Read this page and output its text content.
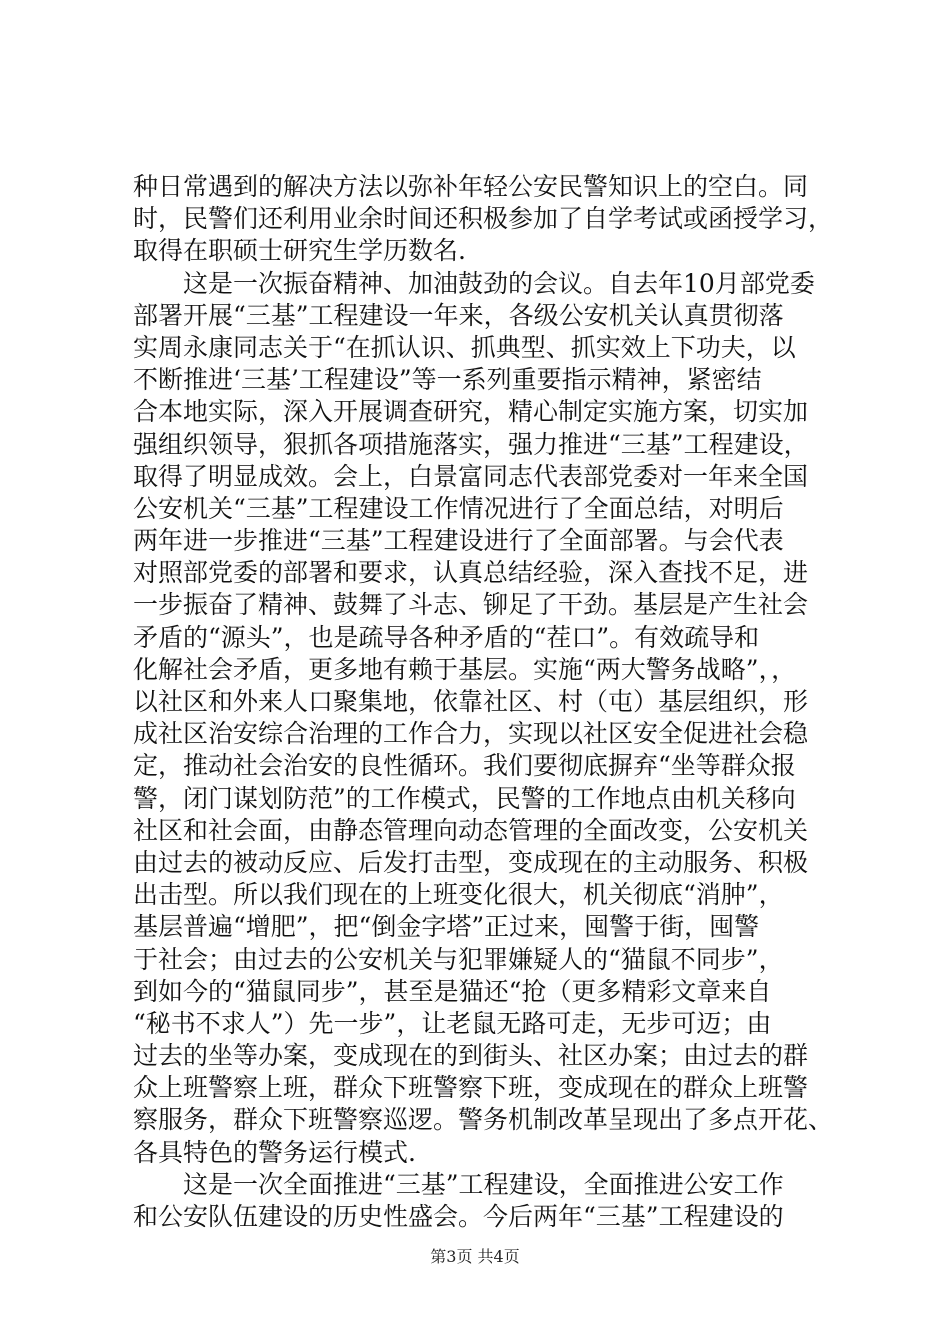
种日常遇到的解决方法以弥补年轻公安民警知识上的空白。同
时，民警们还利用业余时间还积极参加了自学考试或函授学习，
取得在职硕士研究生学历数名.
这是一次振奋精神、加油鼓劲的会议。自去年10月部党委
部署开展“三基”工程建设一年来，各级公安机关认真贯彻落
实周永康同志关于“在抓认识、抓典型、抓实效上下功夫，以
不断推进‘三基’工程建设”等一系列重要指示精神，紧密结
合本地实际，深入开展调查研究，精心制定实施方案，切实加
强组织领导，狠抓各项措施落实，强力推进“三基”工程建设，
取得了明显成效。会上，白景富同志代表部党委对一年来全国
公安机关“三基”工程建设工作情况进行了全面总结，对明后
两年进一步推进“三基”工程建设进行了全面部署。与会代表
对照部党委的部署和要求，认真总结经验，深入查找不足，进
一步振奋了精神、鼓舞了斗志、铆足了干劲。基层是产生社会
矛盾的“源头”，也是疏导各种矛盾的“茬口”。有效疏导和
化解社会矛盾，更多地有赖于基层。实施“两大警务战略”，，
以社区和外来人口聚集地，依靠社区、村（屯）基层组织，形
成社区治安综合治理的工作合力，实现以社区安全促进社会稳
定，推动社会治安的良性循环。我们要彻底摒弃“坐等群众报
警，闭门谋划防范”的工作模式，民警的工作地点由机关移向
社区和社会面，由静态管理向动态管理的全面改变，公安机关
由过去的被动反应、后发打击型，变成现在的主动服务、积极
出击型。所以我们现在的上班变化很大，机关彻底“消肿”，
基层普遍“增肥”，把“倒金字塔”正过来，囤警于街，囤警
于社会；由过去的公安机关与犯罪嫌疑人的“猫鼠不同步”，
到如今的“猫鼠同步”，甚至是猫还“抢（更多精彩文章来自
“秘书不求人”）先一步”，让老鼠无路可走，无步可迈；由
过去的坐等办案，变成现在的到街头、社区办案；由过去的群
众上班警察上班，群众下班警察下班，变成现在的群众上班警
察服务，群众下班警察巡逻。警务机制改革呈现出了多点开花、
各具特色的警务运行模式.
这是一次全面推进“三基”工程建设，全面推进公安工作
和公安队伍建设的历史性盛会。今后两年“三基”工程建设的
第3页 共4页
